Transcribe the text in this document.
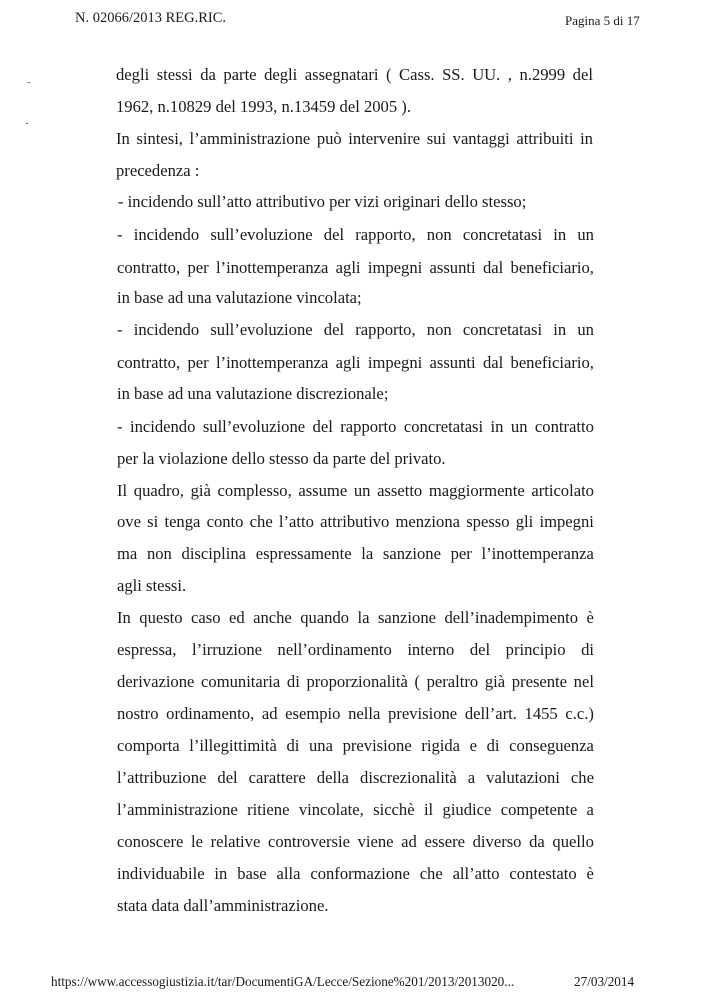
N. 02066/2013 REG.RIC.	Pagina 5 di 17
-
-
degli stessi da parte degli assegnatari ( Cass. SS. UU. , n.2999 del
1962, n.10829 del 1993, n.13459 del 2005 ).
In sintesi, l’amministrazione può intervenire sui vantaggi attribuiti in
precedenza :
- incidendo sull’atto attributivo per vizi originari dello stesso;
- incidendo sull’evoluzione del rapporto, non concretatasi in un
contratto, per l’inottemperanza agli impegni assunti dal beneficiario,
in base ad una valutazione vincolata;
- incidendo sull’evoluzione del rapporto, non concretatasi in un
contratto, per l’inottemperanza agli impegni assunti dal beneficiario,
in base ad una valutazione discrezionale;
- incidendo sull’evoluzione del rapporto concretatasi in un contratto
per la violazione dello stesso da parte del privato.
Il quadro, già complesso, assume un assetto maggiormente articolato
ove si tenga conto che l’atto attributivo menziona spesso gli impegni
ma non disciplina espressamente la sanzione per l’inottemperanza
agli stessi.
In questo caso ed anche quando la sanzione dell’inadempimento è
espressa, l’irruzione nell’ordinamento interno del principio di
derivazione comunitaria di proporzionalità ( peraltro già presente nel
nostro ordinamento, ad esempio nella previsione dell’art. 1455 c.c.)
comporta l’illegittimità di una previsione rigida e di conseguenza
l’attribuzione del carattere della discrezionalità a valutazioni che
l’amministrazione ritiene vincolate, sicchè il giudice competente a
conoscere le relative controversie viene ad essere diverso da quello
individuabile in base alla conformazione che all’atto contestato è
stata data dall’amministrazione.
https://www.accessogiustizia.it/tar/DocumentiGA/Lecce/Sezione%201/2013/2013020...	27/03/2014
